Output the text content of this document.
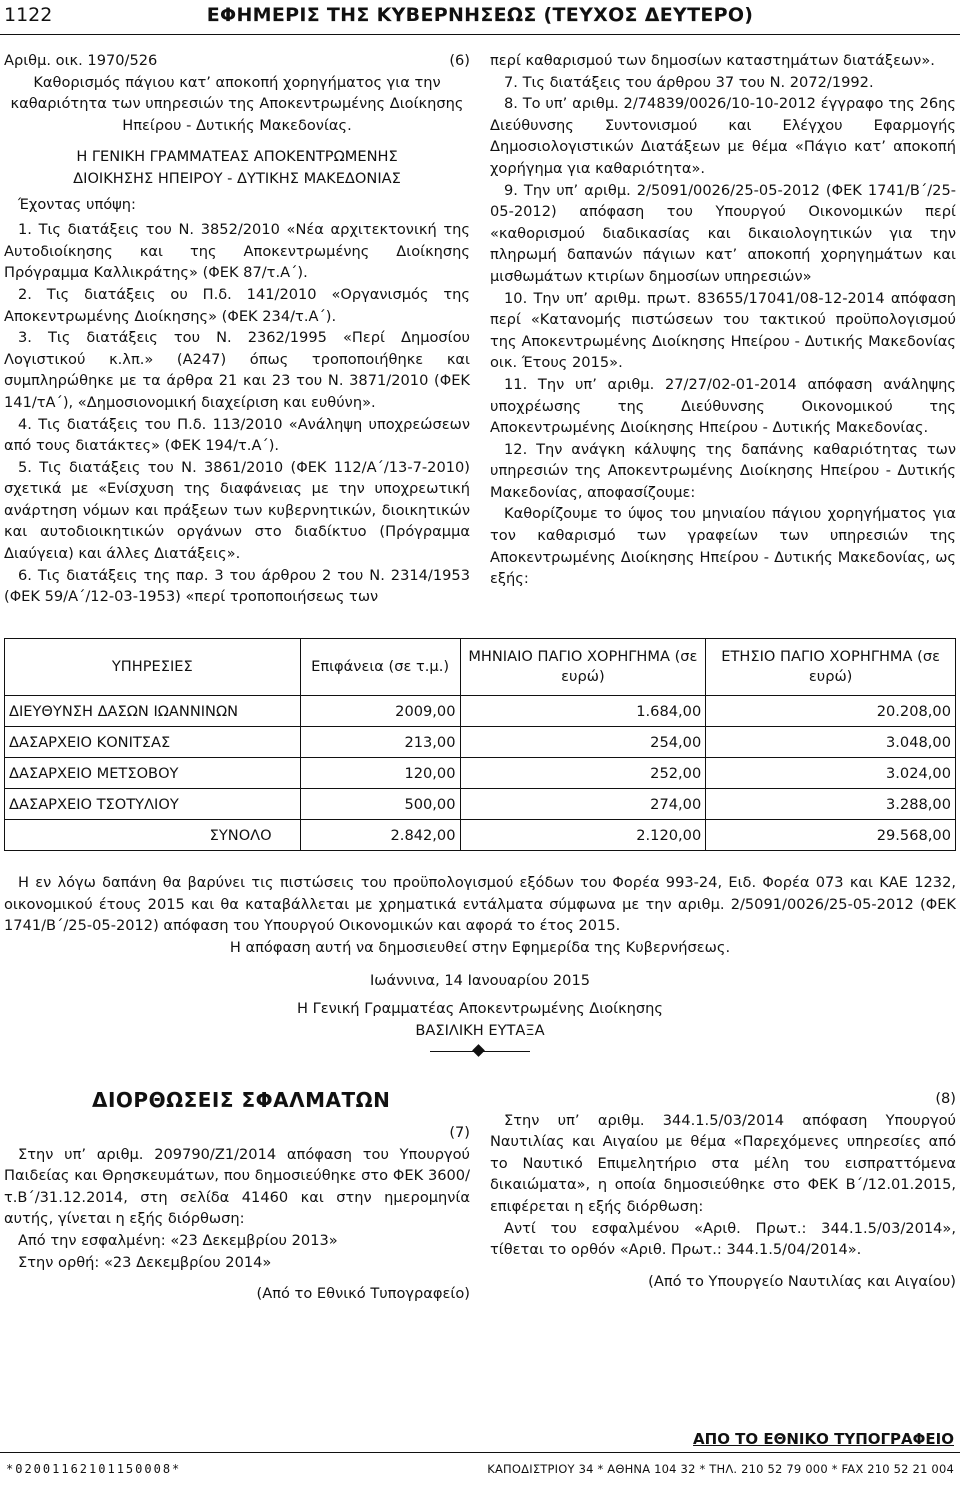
1122	ΕΦΗΜΕΡΙΣ ΤΗΣ ΚΥΒΕΡΝΗΣΕΩΣ (ΤΕΥΧΟΣ ΔΕΥΤΕΡΟ)

Αριθμ. οικ. 1970/526	(6)

Καθορισμός πάγιου κατ’ αποκοπή χορηγήματος για την καθαριότητα των υπηρεσιών της Αποκεντρωμένης Διοίκησης Ηπείρου - Δυτικής Μακεδονίας.

Η ΓΕΝΙΚΗ ΓΡΑΜΜΑΤΕΑΣ ΑΠΟΚΕΝΤΡΩΜΕΝΗΣ

ΔΙΟΙΚΗΣΗΣ ΗΠΕΙΡΟΥ - ΔΥΤΙΚΗΣ ΜΑΚΕΔΟΝΙΑΣ

Έχοντας υπόψη:

1. Τις διατάξεις του Ν. 3852/2010 «Νέα αρχιτεκτονική της Αυτοδιοίκησης και της Αποκεντρωμένης Διοίκησης Πρόγραμμα Καλλικράτης» (ΦΕΚ 87/τ.Α΄).

2. Τις διατάξεις ου Π.δ. 141/2010 «Οργανισμός της Αποκεντρωμένης Διοίκησης» (ΦΕΚ 234/τ.Α΄).

3. Τις διατάξεις του Ν. 2362/1995 «Περί Δημοσίου Λογιστικού κ.λπ.» (Α247) όπως τροποποιήθηκε και συμπληρώθηκε με τα άρθρα 21 και 23 του Ν. 3871/2010 (ΦΕΚ 141/τΑ΄), «Δημοσιονομική διαχείριση και ευθύνη».

4. Τις διατάξεις του Π.δ. 113/2010 «Ανάληψη υποχρεώσεων από τους διατάκτες» (ΦΕΚ 194/τ.Α΄).

5. Τις διατάξεις του Ν. 3861/2010 (ΦΕΚ 112/Α΄/13-7-2010) σχετικά με «Ενίσχυση της διαφάνειας με την υποχρεωτική ανάρτηση νόμων και πράξεων των κυβερνητικών, διοικητικών και αυτοδιοικητικών οργάνων στο διαδίκτυο (Πρόγραμμα Διαύγεια) και άλλες Διατάξεις».

6. Τις διατάξεις της παρ. 3 του άρθρου 2 του Ν. 2314/1953 (ΦΕΚ 59/Α΄/12-03-1953) «περί τροποποιήσεως των

περί καθαρισμού των δημοσίων καταστημάτων διατάξεων».

7. Τις διατάξεις του άρθρου 37 του Ν. 2072/1992.

8. Το υπ’ αριθμ. 2/74839/0026/10-10-2012 έγγραφο της 26ης Διεύθυνσης Συντονισμού και Ελέγχου Εφαρμογής Δημοσιολογιστικών Διατάξεων με θέμα «Πάγιο κατ’ αποκοπή χορήγημα για καθαριότητα».

9. Την υπ’ αριθμ. 2/5091/0026/25-05-2012 (ΦΕΚ 1741/Β΄/25-05-2012) απόφαση του Υπουργού Οικονομικών περί «καθορισμού διαδικασίας και δικαιολογητικών για την πληρωμή δαπανών πάγιων κατ’ αποκοπή χορηγημάτων και μισθωμάτων κτιρίων δημοσίων υπηρεσιών»

10. Την υπ’ αριθμ. πρωτ. 83655/17041/08-12-2014 απόφαση περί «Κατανομής πιστώσεων του τακτικού προϋπολογισμού της Αποκεντρωμένης Διοίκησης Ηπείρου - Δυτικής Μακεδονίας οικ. Έτους 2015».

11. Την υπ’ αριθμ. 27/27/02-01-2014 απόφαση ανάληψης υποχρέωσης της Διεύθυνσης Οικονομικού της Αποκεντρωμένης Διοίκησης Ηπείρου - Δυτικής Μακεδονίας.

12. Την ανάγκη κάλυψης της δαπάνης καθαριότητας των υπηρεσιών της Αποκεντρωμένης Διοίκησης Ηπείρου - Δυτικής Μακεδονίας, αποφασίζουμε:

Καθορίζουμε το ύψος του μηνιαίου πάγιου χορηγήματος για τον καθαρισμό των γραφείων των υπηρεσιών της Αποκεντρωμένης Διοίκησης Ηπείρου - Δυτικής Μακεδονίας, ως εξής:

ΥΠΗΡΕΣΙΕΣ	Επιφάνεια (σε τ.μ.)	ΜΗΝΙΑΙΟ ΠΑΓΙΟ ΧΟΡΗΓΗΜΑ (σε ευρώ)	ΕΤΗΣΙΟ ΠΑΓΙΟ ΧΟΡΗΓΗΜΑ (σε ευρώ)
ΔΙΕΥΘΥΝΣΗ ΔΑΣΩΝ ΙΩΑΝΝΙΝΩΝ	2009,00	1.684,00	20.208,00
ΔΑΣΑΡΧΕΙΟ ΚΟΝΙΤΣΑΣ	213,00	254,00	3.048,00
ΔΑΣΑΡΧΕΙΟ ΜΕΤΣΟΒΟΥ	120,00	252,00	3.024,00
ΔΑΣΑΡΧΕΙΟ ΤΣΟΤΥΛΙΟΥ	500,00	274,00	3.288,00
ΣΥΝΟΛΟ	2.842,00	2.120,00	29.568,00

Η εν λόγω δαπάνη θα βαρύνει τις πιστώσεις του προϋπολογισμού εξόδων του Φορέα 993-24, Ειδ. Φορέα 073 και ΚΑΕ 1232, οικονομικού έτους 2015 και θα καταβάλλεται με χρηματικά εντάλματα σύμφωνα με την αριθμ. 2/5091/0026/25-05-2012 (ΦΕΚ 1741/Β΄/25-05-2012) απόφαση του Υπουργού Οικονομικών και αφορά το έτος 2015.

Η απόφαση αυτή να δημοσιευθεί στην Εφημερίδα της Κυβερνήσεως.

Ιωάννινα, 14 Ιανουαρίου 2015
Η Γενική Γραμματέας Αποκεντρωμένης Διοίκησης
ΒΑΣΙΛΙΚΗ ΕΥΤΑΞΑ
ΔΙΟΡΘΩΣΕΙΣ ΣΦΑΛΜΑΤΩΝ

(7)

Στην υπ’ αριθμ. 209790/Ζ1/2014 απόφαση του Υπουργού Παιδείας και Θρησκευμάτων, που δημοσιεύθηκε στο ΦΕΚ 3600/τ.Β΄/31.12.2014, στη σελίδα 41460 και στην ημερομηνία αυτής, γίνεται η εξής διόρθωση:

Από την εσφαλμένη: «23 Δεκεμβρίου 2013»

Στην ορθή: «23 Δεκεμβρίου 2014»

(Από το Εθνικό Τυπογραφείο)

(8)

Στην υπ’ αριθμ. 344.1.5/03/2014 απόφαση Υπουργού Ναυτιλίας και Αιγαίου με θέμα «Παρεχόμενες υπηρεσίες από το Ναυτικό Επιμελητήριο στα μέλη του εισπραττόμενα δικαιώματα», η οποία δημοσιεύθηκε στο ΦΕΚ Β΄/12.01.2015, επιφέρεται η εξής διόρθωση:

Αντί του εσφαλμένου «Αριθ. Πρωτ.: 344.1.5/03/2014», τίθεται το ορθόν «Αριθ. Πρωτ.: 344.1.5/04/2014».

(Από το Υπουργείο Ναυτιλίας και Αιγαίου)

ΑΠΟ ΤΟ ΕΘΝΙΚΟ ΤΥΠΟΓΡΑΦΕΙΟ
*02001162101150008*	ΚΑΠΟΔΙΣΤΡΙΟΥ 34 * ΑΘΗΝΑ 104 32 * ΤΗΛ. 210 52 79 000 * FAX 210 52 21 004
